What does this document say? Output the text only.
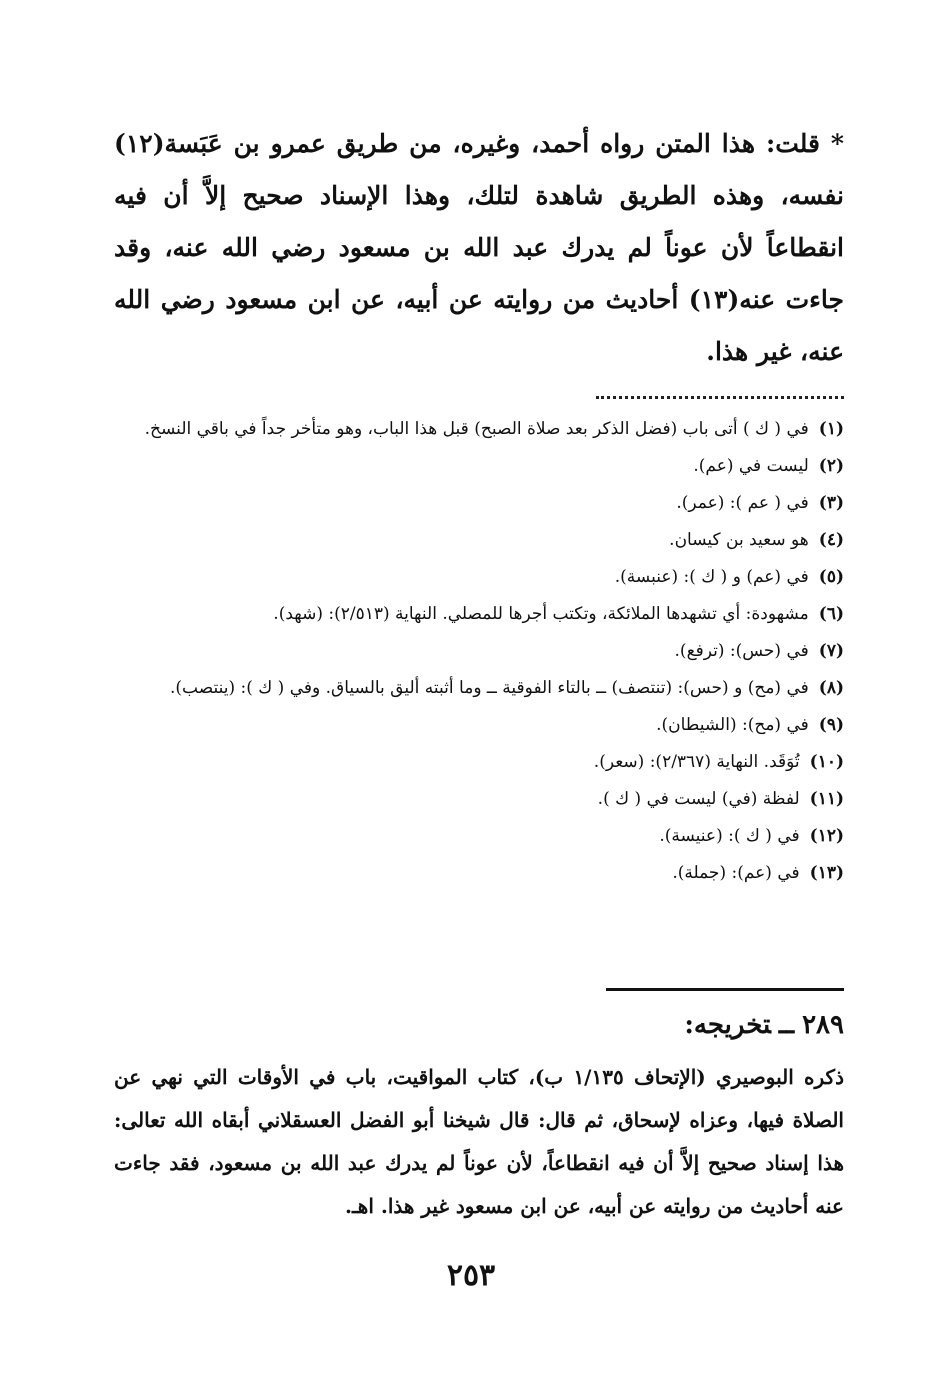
* قلت: هذا المتن رواه أحمد، وغيره، من طريق عمرو بن عَبَسة(١٢) نفسه، وهذه الطريق شاهدة لتلك، وهذا الإسناد صحيح إلاَّ أن فيه انقطاعاً لأن عوناً لم يدرك عبد الله بن مسعود رضي الله عنه، وقد جاءت عنه(١٣) أحاديث من روايته عن أبيه، عن ابن مسعود رضي الله عنه، غير هذا.

(١)
في ( ك ) أتى باب (فضل الذكر بعد صلاة الصبح) قبل هذا الباب، وهو متأخر جداً في باقي النسخ.
(٢)
ليست في (عم).
(٣)
في ( عم ): (عمر).
(٤)
هو سعيد بن كيسان.
(٥)
في (عم) و ( ك ): (عنبسة).
(٦)
مشهودة: أي تشهدها الملائكة، وتكتب أجرها للمصلي. النهاية (٢/٥١٣): (شهد).
(٧)
في (حس): (ترفع).
(٨)
في (مح) و (حس): (تنتصف) ــ بالتاء الفوقية ــ وما أثبته أليق بالسياق. وفي ( ك ): (ينتصب).
(٩)
في (مح): (الشيطان).
(١٠)
تُوَقَد. النهاية (٢/٣٦٧): (سعر).
(١١)
لفظة (في) ليست في ( ك ).
(١٢)
في ( ك ): (عنيسة).
(١٣)
في (عم): (جملة).
٢٨٩ــتخريجه:

ذكره البوصيري (الإتحاف ١/١٣٥ ب)، كتاب المواقيت، باب في الأوقات التي نهي عن الصلاة فيها، وعزاه لإسحاق، ثم قال: قال شيخنا أبو الفضل العسقلاني أبقاه الله تعالى: هذا إسناد صحيح إلاَّ أن فيه انقطاعاً، لأن عوناً لم يدرك عبد الله بن مسعود، فقد جاءت عنه أحاديث من روايته عن أبيه، عن ابن مسعود غير هذا. اهـ.

٢٥٣
